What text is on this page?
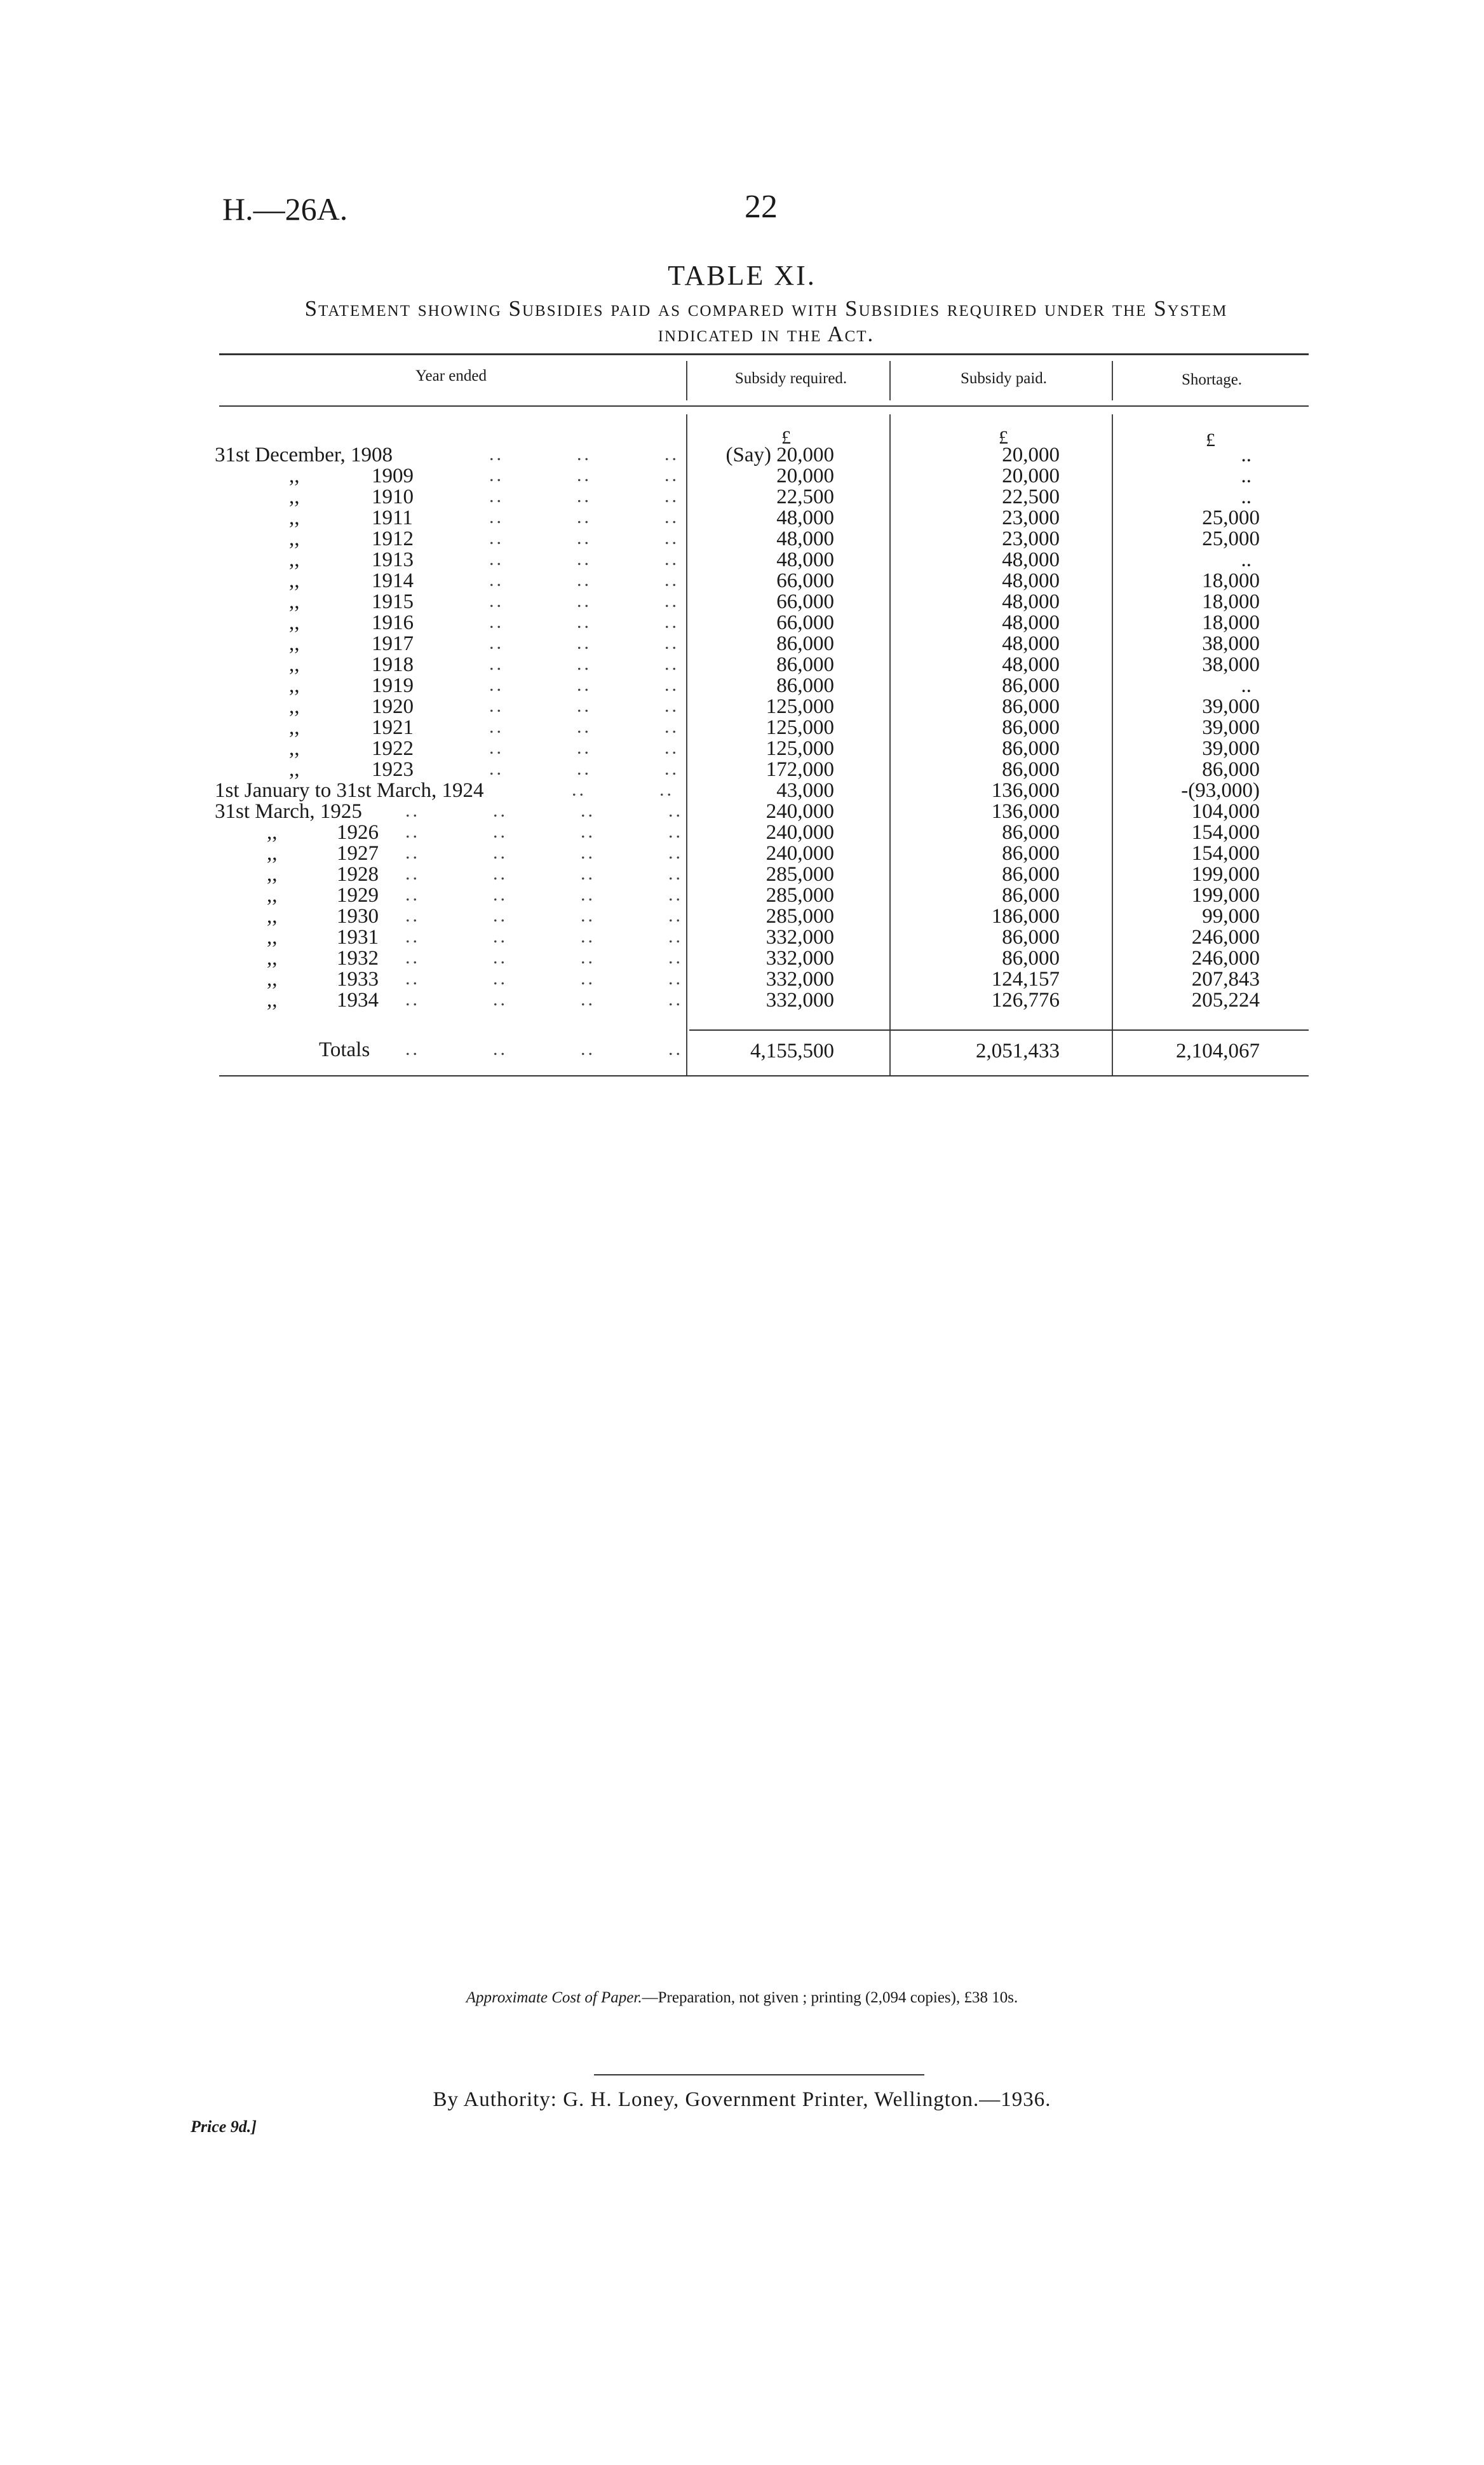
H.—26A.	22
TABLE XI.
Statement showing Subsidies paid as compared with Subsidies required under the System
indicated in the Act.
Year ended	Subsidy required.	Subsidy paid.	Shortage.
£	£	£
31st December, 1908	..          ..          ..	(Say) 20,000	20,000	..
,,	1909	..          ..          ..	20,000	20,000	..
,,	1910	..          ..          ..	22,500	22,500	..
,,	1911	..          ..          ..	48,000	23,000	25,000
,,	1912	..          ..          ..	48,000	23,000	25,000
,,	1913	..          ..          ..	48,000	48,000	..
,,	1914	..          ..          ..	66,000	48,000	18,000
,,	1915	..          ..          ..	66,000	48,000	18,000
,,	1916	..          ..          ..	66,000	48,000	18,000
,,	1917	..          ..          ..	86,000	48,000	38,000
,,	1918	..          ..          ..	86,000	48,000	38,000
,,	1919	..          ..          ..	86,000	86,000	..
,,	1920	..          ..          ..	125,000	86,000	39,000
,,	1921	..          ..          ..	125,000	86,000	39,000
,,	1922	..          ..          ..	125,000	86,000	39,000
,,	1923	..          ..          ..	172,000	86,000	86,000
1st January to 31st March, 1924	..          ..	43,000	136,000	-(93,000)
31st March, 1925 ..          ..          ..          ..	240,000	136,000	104,000
,,	1926 ..          ..          ..          ..	240,000	86,000	154,000
,,	1927 ..          ..          ..          ..	240,000	86,000	154,000
,,	1928 ..          ..          ..          ..	285,000	86,000	199,000
,,	1929 ..          ..          ..          ..	285,000	86,000	199,000
,,	1930 ..          ..          ..          ..	285,000	186,000	99,000
,,	1931 ..          ..          ..          ..	332,000	86,000	246,000
,,	1932 ..          ..          ..          ..	332,000	86,000	246,000
,,	1933 ..          ..          ..          ..	332,000	124,157	207,843
,,	1934 ..          ..          ..          ..	332,000	126,776	205,224
Totals ..          ..          ..          ..	4,155,500	2,051,433	2,104,067
Approximate Cost of Paper.—Preparation, not given ; printing (2,094 copies), £38 10s.
By Authority: G. H. Loney, Government Printer, Wellington.—1936.
Price 9d.]
